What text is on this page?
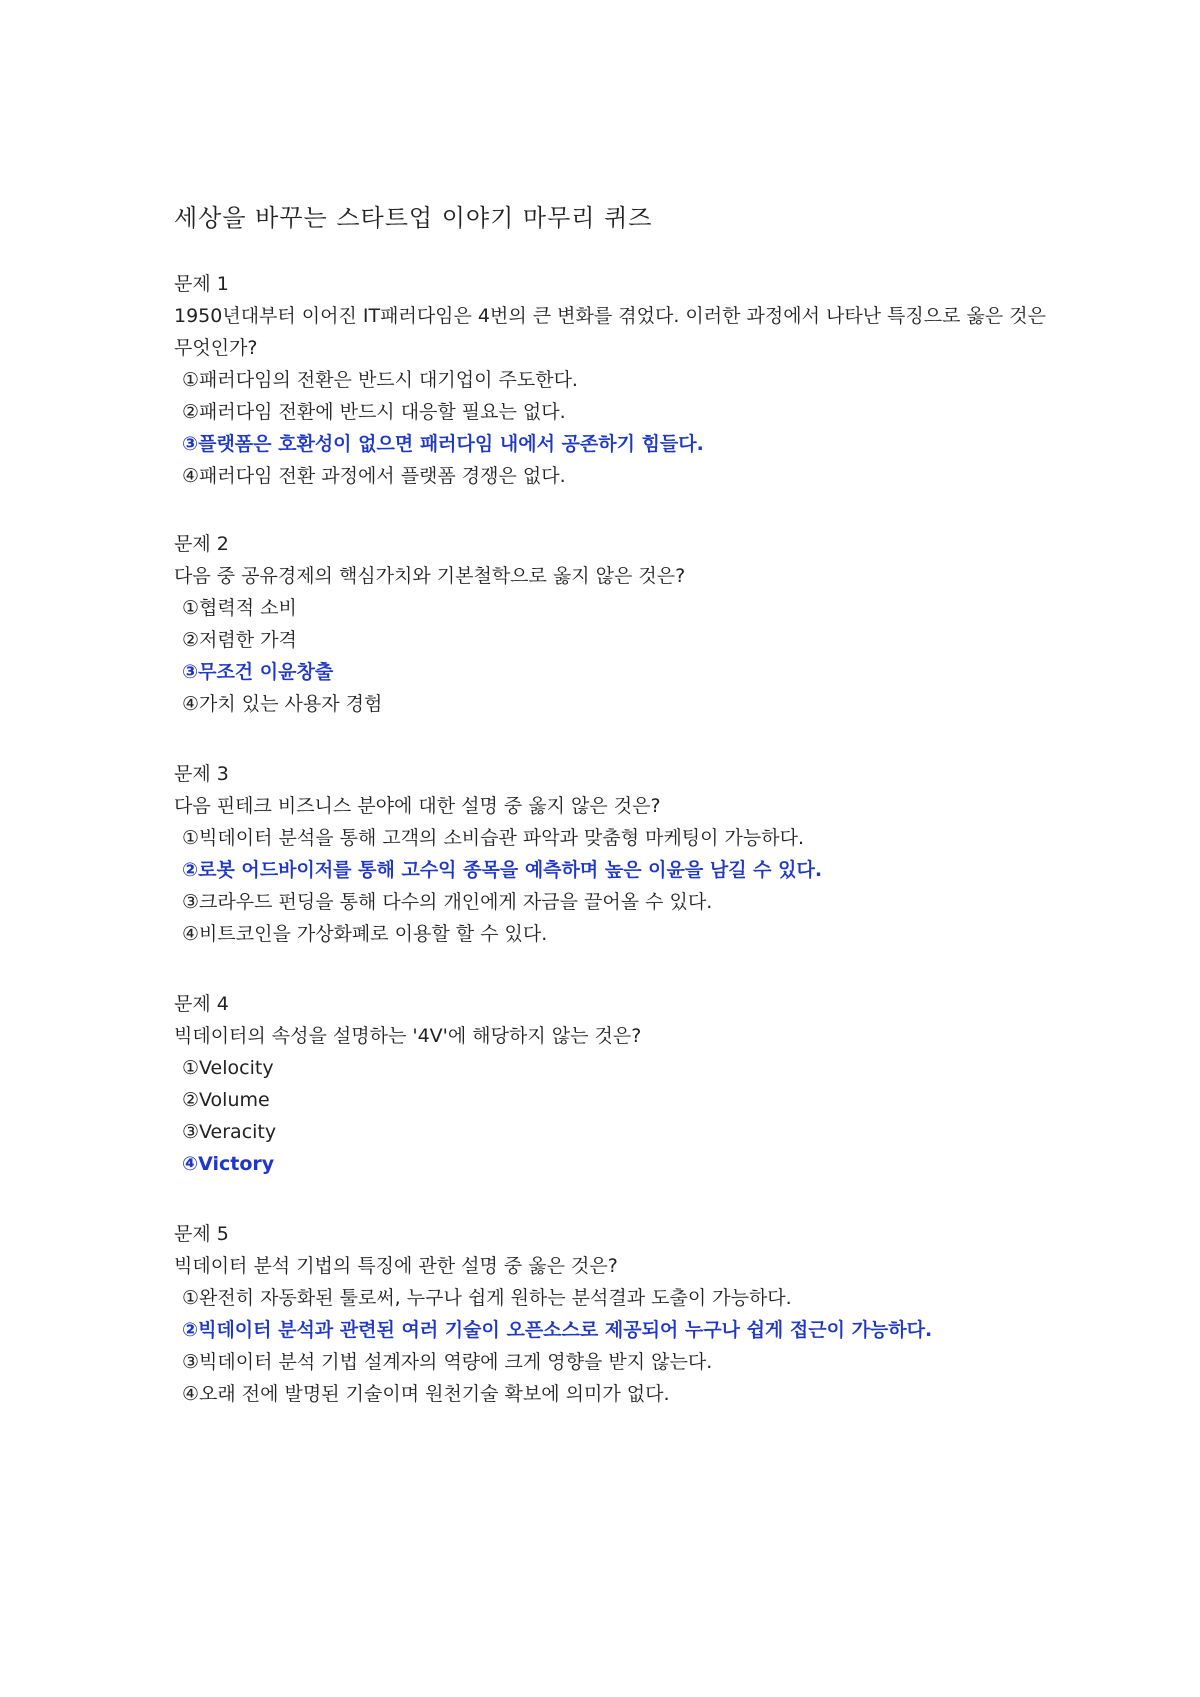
세상을 바꾸는 스타트업 이야기 마무리 퀴즈
문제 1
1950년대부터 이어진 IT패러다임은 4번의 큰 변화를 겪었다. 이러한 과정에서 나타난 특징으로 옳은 것은 무엇인가?
①패러다임의 전환은 반드시 대기업이 주도한다.
②패러다임 전환에 반드시 대응할 필요는 없다.
③플랫폼은 호환성이 없으면 패러다임 내에서 공존하기 힘들다.
④패러다임 전환 과정에서 플랫폼 경쟁은 없다.
문제 2
다음 중 공유경제의 핵심가치와 기본철학으로 옳지 않은 것은?
①협력적 소비
②저렴한 가격
③무조건 이윤창출
④가치 있는 사용자 경험
문제 3
다음 핀테크 비즈니스 분야에 대한 설명 중 옳지 않은 것은?
①빅데이터 분석을 통해 고객의 소비습관 파악과 맞춤형 마케팅이 가능하다.
②로봇 어드바이저를 통해 고수익 종목을 예측하며 높은 이윤을 남길 수 있다.
③크라우드 펀딩을 통해 다수의 개인에게 자금을 끌어올 수 있다.
④비트코인을 가상화폐로 이용할 할 수 있다.
문제 4
빅데이터의 속성을 설명하는 '4V'에 해당하지 않는 것은?
①Velocity
②Volume
③Veracity
④Victory
문제 5
빅데이터 분석 기법의 특징에 관한 설명 중 옳은 것은?
①완전히 자동화된 툴로써, 누구나 쉽게 원하는 분석결과 도출이 가능하다.
②빅데이터 분석과 관련된 여러 기술이 오픈소스로 제공되어 누구나 쉽게 접근이 가능하다.
③빅데이터 분석 기법 설계자의 역량에 크게 영향을 받지 않는다.
④오래 전에 발명된 기술이며 원천기술 확보에 의미가 없다.
